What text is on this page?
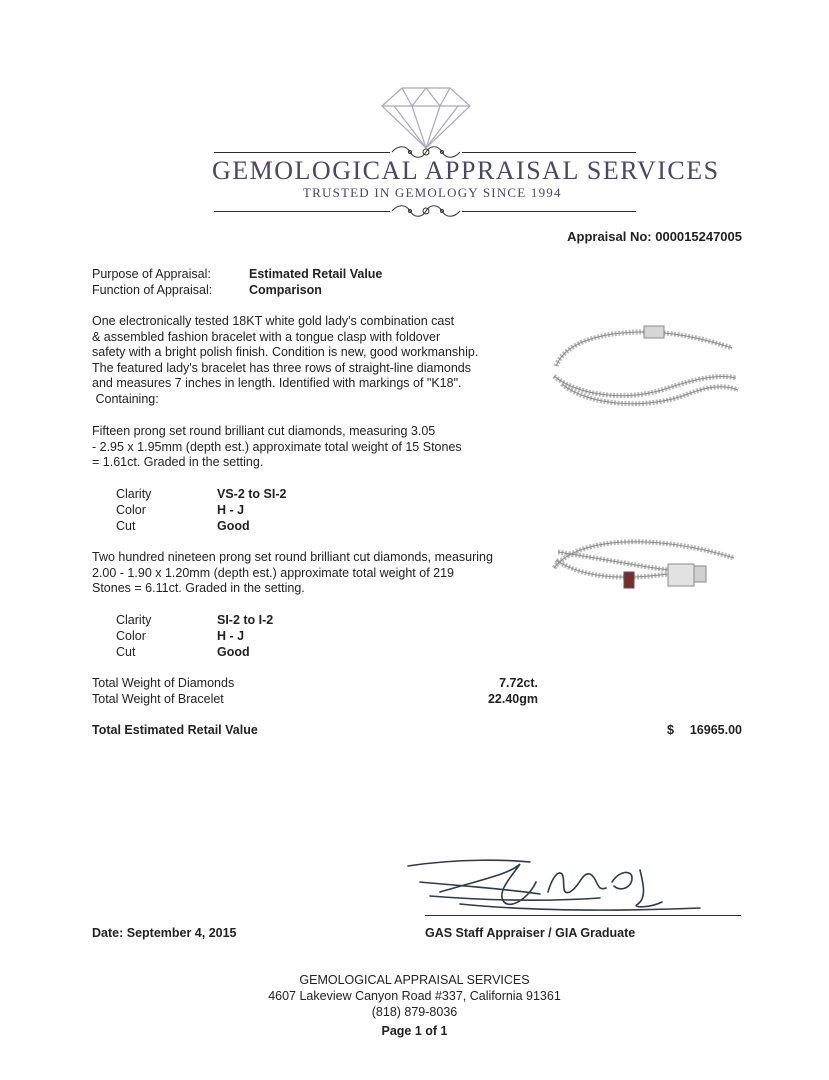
GEMOLOGICAL APPRAISAL SERVICES
TRUSTED IN GEMOLOGY SINCE 1994
Appraisal No: 000015247005
Purpose of Appraisal:	Estimated Retail Value
Function of Appraisal:	Comparison
One electronically tested 18KT white gold lady's combination cast
& assembled fashion bracelet with a tongue clasp with foldover
safety with a bright polish finish. Condition is new, good workmanship.
The featured lady's bracelet has three rows of straight-line diamonds
and measures 7 inches in length. Identified with markings of "K18".
Containing:
Fifteen prong set round brilliant cut diamonds, measuring 3.05
- 2.95 x 1.95mm (depth est.) approximate total weight of 15 Stones
= 1.61ct. Graded in the setting.
Clarity	VS-2 to SI-2
Color	H - J
Cut	Good
Two hundred nineteen prong set round brilliant cut diamonds, measuring
2.00 - 1.90 x 1.20mm (depth est.) approximate total weight of 219
Stones = 6.11ct. Graded in the setting.
Clarity	SI-2 to I-2
Color	H - J
Cut	Good
Total Weight of Diamonds	7.72ct.
Total Weight of Bracelet	22.40gm
Total Estimated Retail Value	$ 16965.00
Date: September 4, 2015	GAS Staff Appraiser / GIA Graduate
GEMOLOGICAL APPRAISAL SERVICES
4607 Lakeview Canyon Road #337, California 91361
(818) 879-8036
Page 1 of 1
